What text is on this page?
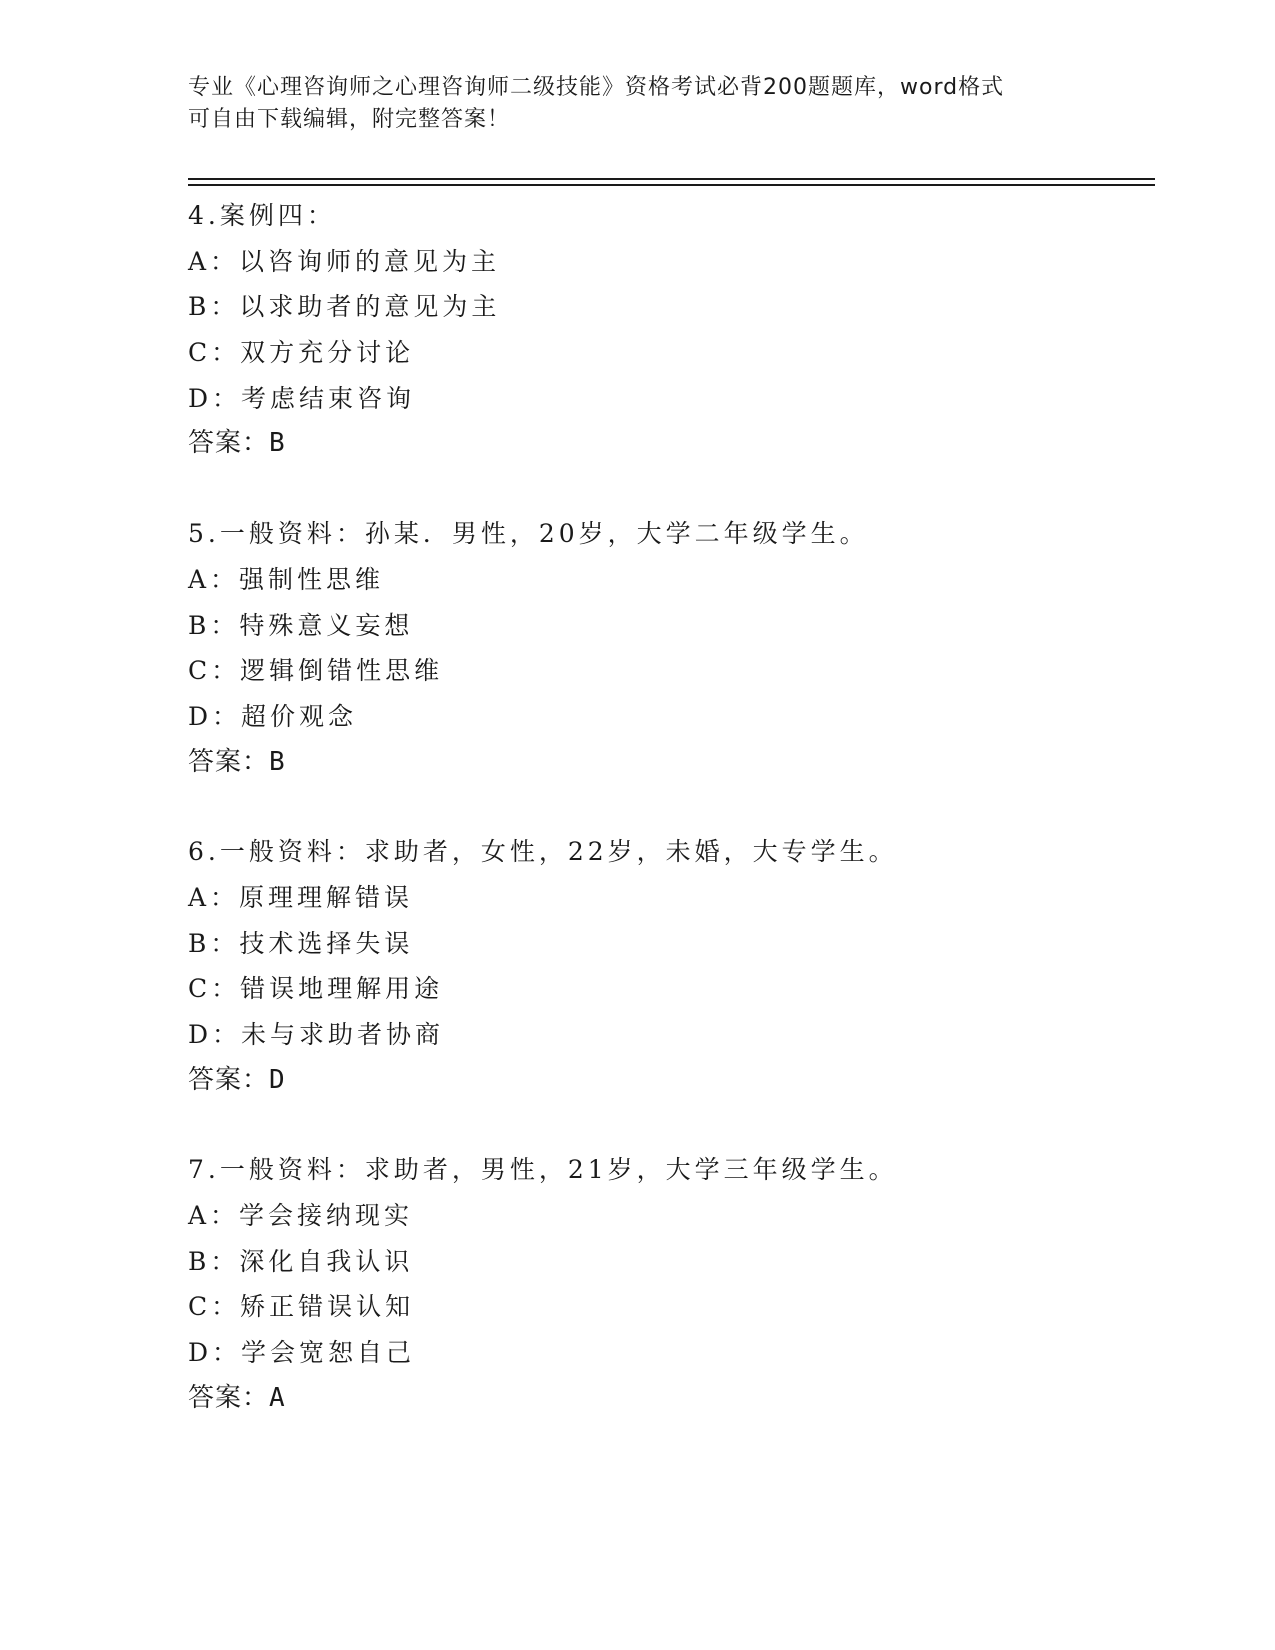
专业《心理咨询师之心理咨询师二级技能》资格考试必背200题题库，word格式
可自由下载编辑，附完整答案！
4.案例四：
A：以咨询师的意见为主
B：以求助者的意见为主
C：双方充分讨论
D：考虑结束咨询
答案：B
5.一般资料：孙某．男性，20岁，大学二年级学生。
A：强制性思维
B：特殊意义妄想
C：逻辑倒错性思维
D：超价观念
答案：B
6.一般资料：求助者，女性，22岁，未婚，大专学生。
A：原理理解错误
B：技术选择失误
C：错误地理解用途
D：未与求助者协商
答案：D
7.一般资料：求助者，男性，21岁，大学三年级学生。
A：学会接纳现实
B：深化自我认识
C：矫正错误认知
D：学会宽恕自己
答案：A
